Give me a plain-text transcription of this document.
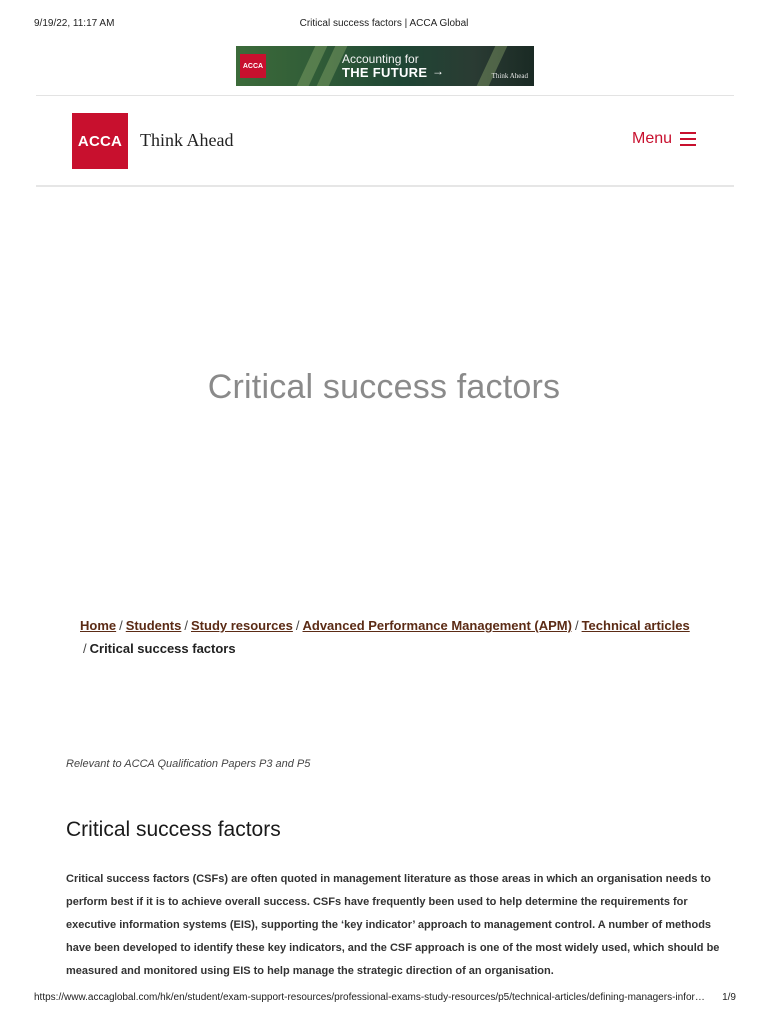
9/19/22, 11:17 AM	Critical success factors | ACCA Global
ACCA	Accounting for
THE FUTURE →	Think Ahead
ACCA Think Ahead	Menu
Critical success factors
Home / Students / Study resources / Advanced Performance Management (APM) / Technical articles
/ Critical success factors
Relevant to ACCA Qualification Papers P3 and P5
Critical success factors
Critical success factors (CSFs) are often quoted in management literature as those areas in which an organisation needs to perform best if it is to achieve overall success. CSFs have frequently been used to help determine the requirements for executive information systems (EIS), supporting the ‘key indicator’ approach to management control. A number of methods have been developed to identify these key indicators, and the CSF approach is one of the most widely used, which should be measured and monitored using EIS to help manage the strategic direction of an organisation.
https://www.accaglobal.com/hk/en/student/exam-support-resources/professional-exams-study-resources/p5/technical-articles/defining-managers-infor…	1/9
